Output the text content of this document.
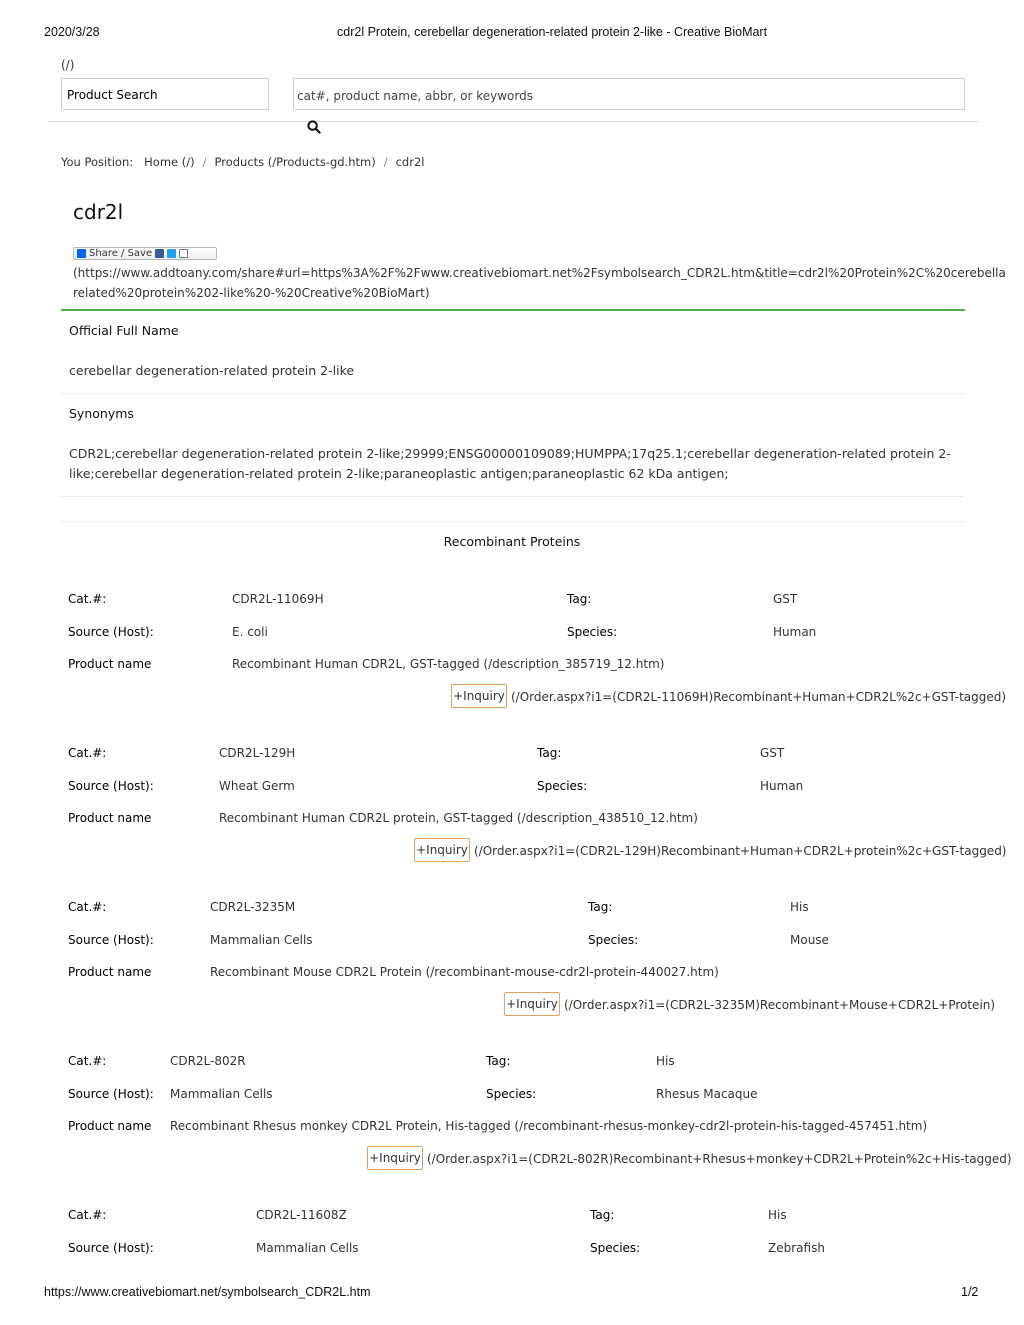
2020/3/28	cdr2l Protein, cerebellar degeneration-related protein 2-like - Creative BioMart
(/)
Product Search	cat#, product name, abbr, or keywords
You Position: Home (/) / Products (/Products-gd.htm) / cdr2l
cdr2l
Share / Save
(https://www.addtoany.com/share#url=https%3A%2F%2Fwww.creativebiomart.net%2Fsymbolsearch_CDR2L.htm&title=cdr2l%20Protein%2C%20cerebella
related%20protein%202-like%20-%20Creative%20BioMart)
Official Full Name
cerebellar degeneration-related protein 2-like
Synonyms
CDR2L;cerebellar degeneration-related protein 2-like;29999;ENSG00000109089;HUMPPA;17q25.1;cerebellar degeneration-related protein 2-
like;cerebellar degeneration-related protein 2-like;paraneoplastic antigen;paraneoplastic 62 kDa antigen;
Recombinant Proteins
Cat.#:	CDR2L-11069H	Tag:	GST
Source (Host):	E. coli	Species:	Human
Product name	Recombinant Human CDR2L, GST-tagged (/description_385719_12.htm)
+Inquiry (/Order.aspx?i1=(CDR2L-11069H)Recombinant+Human+CDR2L%2c+GST-tagged)
Cat.#:	CDR2L-129H	Tag:	GST
Source (Host):	Wheat Germ	Species:	Human
Product name	Recombinant Human CDR2L protein, GST-tagged (/description_438510_12.htm)
+Inquiry (/Order.aspx?i1=(CDR2L-129H)Recombinant+Human+CDR2L+protein%2c+GST-tagged)
Cat.#:	CDR2L-3235M	Tag:	His
Source (Host):	Mammalian Cells	Species:	Mouse
Product name	Recombinant Mouse CDR2L Protein (/recombinant-mouse-cdr2l-protein-440027.htm)
+Inquiry (/Order.aspx?i1=(CDR2L-3235M)Recombinant+Mouse+CDR2L+Protein)
Cat.#:	CDR2L-802R	Tag:	His
Source (Host): Mammalian Cells	Species:	Rhesus Macaque
Product name Recombinant Rhesus monkey CDR2L Protein, His-tagged (/recombinant-rhesus-monkey-cdr2l-protein-his-tagged-457451.htm)
+Inquiry (/Order.aspx?i1=(CDR2L-802R)Recombinant+Rhesus+monkey+CDR2L+Protein%2c+His-tagged)
Cat.#:	CDR2L-11608Z	Tag:	His
Source (Host):	Mammalian Cells	Species:	Zebrafish
https://www.creativebiomart.net/symbolsearch_CDR2L.htm	1/2
